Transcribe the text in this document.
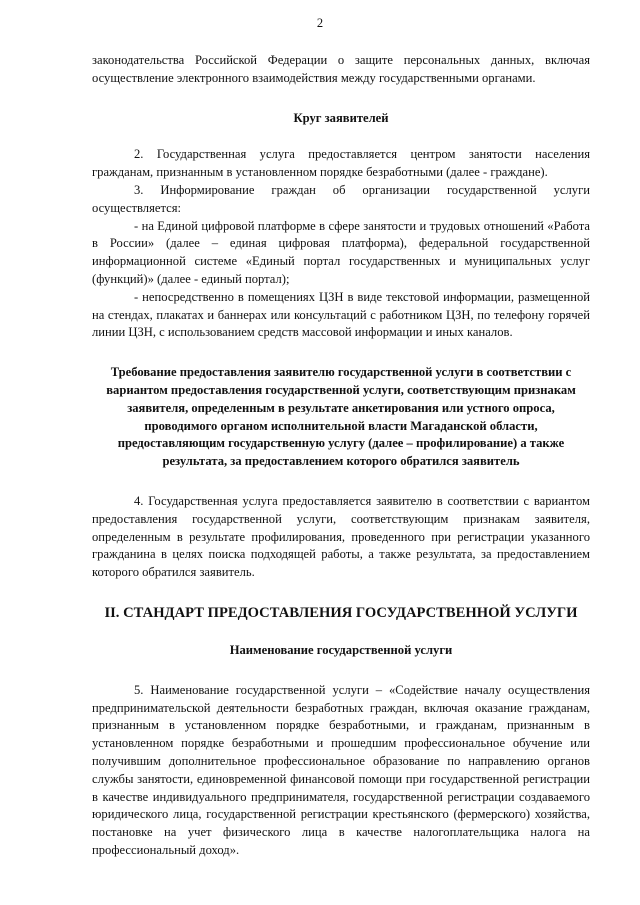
2

законодательства Российской Федерации о защите персональных данных, включая осуществление электронного взаимодействия между государственными органами.

Круг заявителей

2. Государственная услуга предоставляется центром занятости населения гражданам, признанным в установленном порядке безработными (далее - граждане).

3. Информирование граждан об организации государственной услуги осуществляется:

- на Единой цифровой платформе в сфере занятости и трудовых отношений «Работа в России» (далее – единая цифровая платформа), федеральной государственной информационной системе «Единый портал государственных и муниципальных услуг (функций)» (далее - единый портал);

- непосредственно в помещениях ЦЗН в виде текстовой информации, размещенной на стендах, плакатах и баннерах или консультаций с работником ЦЗН, по телефону горячей линии ЦЗН, с использованием средств массовой информации и иных каналов.

Требование предоставления заявителю государственной услуги в соответствии с вариантом предоставления государственной услуги, соответствующим признакам заявителя, определенным в результате анкетирования или устного опроса, проводимого органом исполнительной власти Магаданской области, предоставляющим государственную услугу (далее – профилирование) а также результата, за предоставлением которого обратился заявитель

4. Государственная услуга предоставляется заявителю в соответствии с вариантом предоставления государственной услуги, соответствующим признакам заявителя, определенным в результате профилирования, проведенного при регистрации указанного гражданина в целях поиска подходящей работы, а также результата, за предоставлением которого обратился заявитель.

II. СТАНДАРТ ПРЕДОСТАВЛЕНИЯ ГОСУДАРСТВЕННОЙ УСЛУГИ

Наименование государственной услуги

5. Наименование государственной услуги – «Содействие началу осуществления предпринимательской деятельности безработных граждан, включая оказание гражданам, признанным в установленном порядке безработными, и гражданам, признанным в установленном порядке безработными и прошедшим профессиональное обучение или получившим дополнительное профессиональное образование по направлению органов службы занятости, единовременной финансовой помощи при государственной регистрации в качестве индивидуального предпринимателя, государственной регистрации создаваемого юридического лица, государственной регистрации крестьянского (фермерского) хозяйства, постановке на учет физического лица в качестве налогоплательщика налога на профессиональный доход».
